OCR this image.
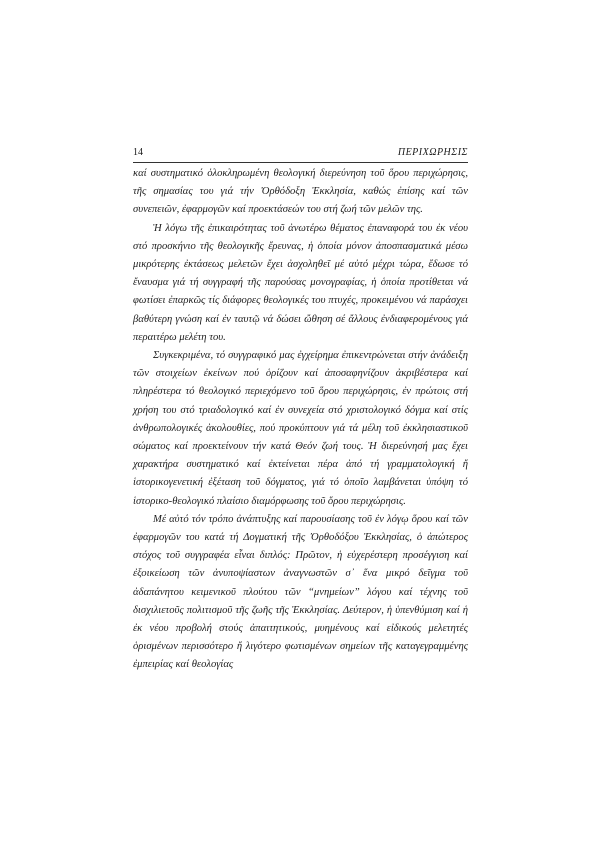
14	ΠΕΡΙΧΩΡΗΣΙΣ

καί συστηματικό ὁλοκληρωμένη θεολογική διερεύνηση τοῦ ὅρου περιχώρησις, τῆς σημασίας του γιά τήν Ὀρθόδοξη Ἐκκλησία, καθώς ἐπίσης καί τῶν συνεπειῶν, ἐφαρμογῶν καί προεκτάσεών του στή ζωή τῶν μελῶν της.

Ἡ λόγω τῆς ἐπικαιρότητας τοῦ ἀνωτέρω θέματος ἐπαναφορά του ἐκ νέου στό προσκήνιο τῆς θεολογικῆς ἔρευνας, ἡ ὁποία μόνον ἀποσπασματικά μέσω μικρότερης ἐκτάσεως μελετῶν ἔχει ἀσχοληθεῖ μέ αὐτό μέχρι τώρα, ἔδωσε τό ἔναυσμα γιά τή συγγραφή τῆς παρούσας μονογραφίας, ἡ ὁποία προτίθεται νά φωτίσει ἐπαρκῶς τίς διάφορες θεολογικές του πτυχές, προκειμένου νά παράσχει βαθύτερη γνώση καί ἐν ταυτῷ νά δώσει ὤθηση σέ ἄλλους ἐνδιαφερομένους γιά περαιτέρω μελέτη του.

Συγκεκριμένα, τό συγγραφικό μας ἐγχείρημα ἐπικεντρώνεται στήν ἀνάδειξη τῶν στοιχείων ἐκείνων πού ὁρίζουν καί ἀποσαφηνίζουν ἀκριβέστερα καί πληρέστερα τό θεολογικό περιεχόμενο τοῦ ὅρου περιχώρησις, ἐν πρώτοις στή χρήση του στό τριαδολογικό καί ἐν συνεχεία στό χριστολογικό δόγμα καί στίς ἀνθρωπολογικές ἀκολουθίες, πού προκύπτουν γιά τά μέλη τοῦ ἐκκλησιαστικοῦ σώματος καί προεκτείνουν τήν κατά Θεόν ζωή τους. Ἡ διερεύνησή μας ἔχει χαρακτήρα συστηματικό καί ἐκτείνεται πέρα ἀπό τή γραμματολογική ἤ ἱστορικογενετική ἐξέταση τοῦ δόγματος, γιά τό ὁποῖο λαμβάνεται ὑπόψη τό ἱστορικο-θεολογικό πλαίσιο διαμόρφωσης τοῦ ὅρου περιχώρησις.

Μέ αὐτό τόν τρόπο ἀνάπτυξης καί παρουσίασης τοῦ ἐν λόγῳ ὅρου καί τῶν ἐφαρμογῶν του κατά τή Δογματική τῆς Ὀρθοδόξου Ἐκκλησίας, ὁ ἀπώτερος στόχος τοῦ συγγραφέα εἶναι διπλός: Πρῶτον, ἡ εὐχερέστερη προσέγγιση καί ἐξοικείωση τῶν ἀνυποψίαστων ἀναγνωστῶν σ᾽ ἕνα μικρό δεῖγμα τοῦ ἀδαπάνητου κειμενικοῦ πλούτου τῶν “μνημείων” λόγου καί τέχνης τοῦ δισχιλιετοῦς πολιτισμοῦ τῆς ζωῆς τῆς Ἐκκλησίας. Δεύτερον, ἡ ὑπενθύμιση καί ἡ ἐκ νέου προβολή στούς ἀπαιτητικούς, μυημένους καί εἰδικούς μελετητές ὁρισμένων περισσότερο ἤ λιγότερο φωτισμένων σημείων τῆς καταγεγραμμένης ἐμπειρίας καί θεολογίας
